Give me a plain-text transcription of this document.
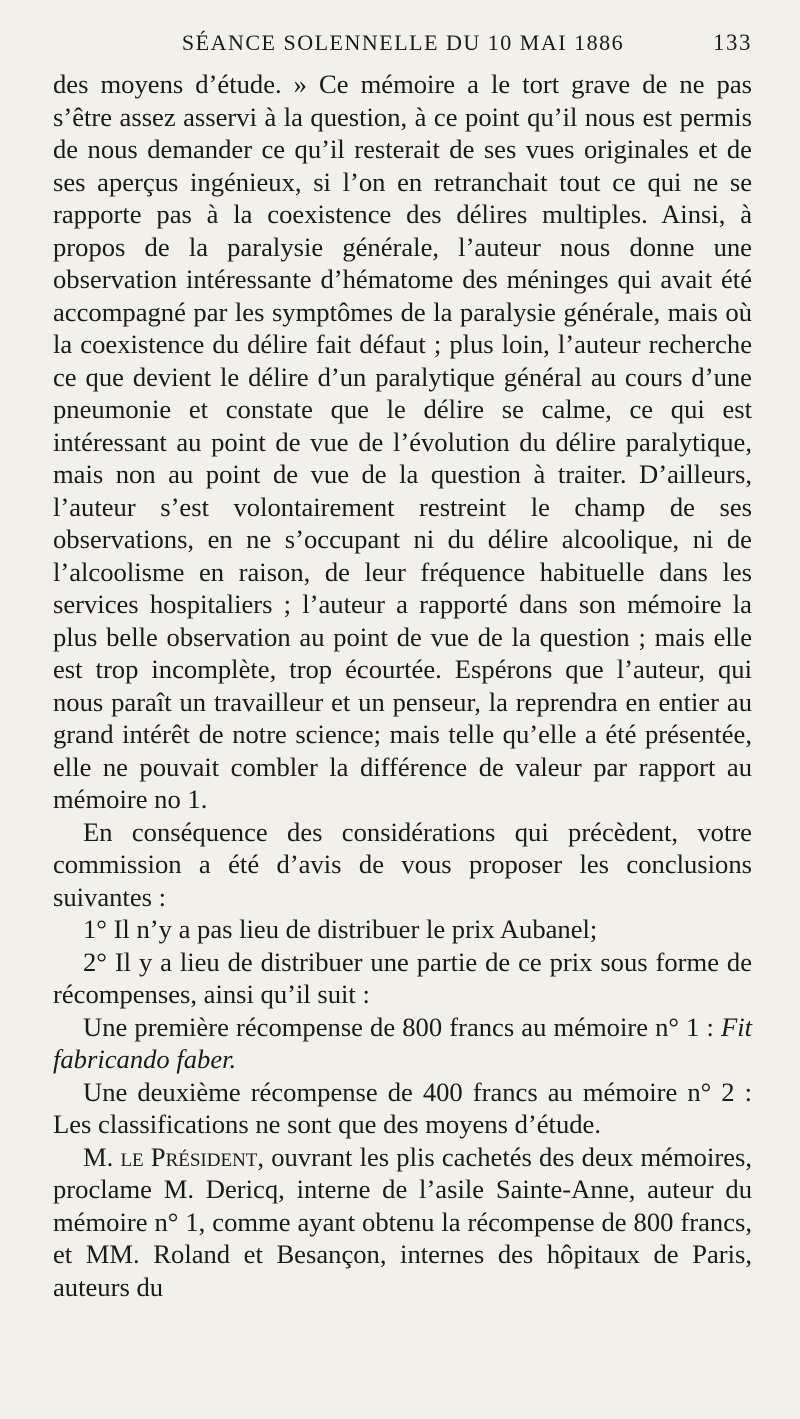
SÉANCE SOLENNELLE DU 10 MAI 1886	133

des moyens d’étude. » Ce mémoire a le tort grave de ne pas s’être assez asservi à la question, à ce point qu’il nous est permis de nous demander ce qu’il resterait de ses vues originales et de ses aperçus ingénieux, si l’on en retranchait tout ce qui ne se rapporte pas à la coexistence des délires multiples. Ainsi, à propos de la paralysie générale, l’auteur nous donne une observation intéressante d’hématome des méninges qui avait été accompagné par les symptômes de la paralysie générale, mais où la coexistence du délire fait défaut ; plus loin, l’auteur recherche ce que devient le délire d’un paralytique général au cours d’une pneumonie et constate que le délire se calme, ce qui est intéressant au point de vue de l’évolution du délire paralytique, mais non au point de vue de la question à traiter. D’ailleurs, l’auteur s’est volontairement restreint le champ de ses observations, en ne s’occupant ni du délire alcoolique, ni de l’alcoolisme en raison, de leur fréquence habituelle dans les services hospitaliers ; l’auteur a rapporté dans son mémoire la plus belle observation au point de vue de la question ; mais elle est trop incomplète, trop écourtée. Espérons que l’auteur, qui nous paraît un travailleur et un penseur, la reprendra en entier au grand intérêt de notre science; mais telle qu’elle a été présentée, elle ne pouvait combler la différence de valeur par rapport au mémoire no 1.

En conséquence des considérations qui précèdent, votre commission a été d’avis de vous proposer les conclusions suivantes :

1° Il n’y a pas lieu de distribuer le prix Aubanel;

2° Il y a lieu de distribuer une partie de ce prix sous forme de récompenses, ainsi qu’il suit :

Une première récompense de 800 francs au mémoire n° 1 : Fit fabricando faber.

Une deuxième récompense de 400 francs au mémoire n° 2 : Les classifications ne sont que des moyens d’étude.

M. le Président, ouvrant les plis cachetés des deux mémoires, proclame M. Dericq, interne de l’asile Sainte-Anne, auteur du mémoire n° 1, comme ayant obtenu la récompense de 800 francs, et MM. Roland et Besançon, internes des hôpitaux de Paris, auteurs du
